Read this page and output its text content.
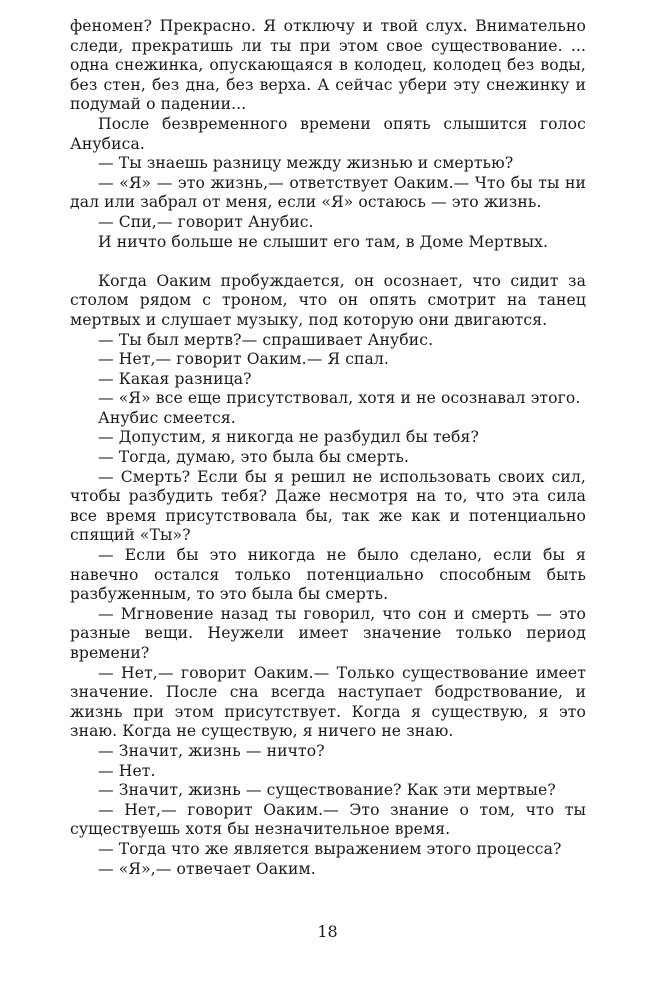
феномен? Прекрасно. Я отключу и твой слух. Внимательно следи, прекратишь ли ты при этом свое существование. ... одна снежинка, опускающаяся в колодец, колодец без воды, без стен, без дна, без верха. А сейчас убери эту снежинку и подумай о падении...

После безвременного времени опять слышится голос Анубиса.

— Ты знаешь разницу между жизнью и смертью?

— «Я» — это жизнь,— ответствует Оаким.— Что бы ты ни дал или забрал от меня, если «Я» остаюсь — это жизнь.

— Спи,— говорит Анубис.

И ничто больше не слышит его там, в Доме Мертвых.

Когда Оаким пробуждается, он осознает, что сидит за столом рядом с троном, что он опять смотрит на танец мертвых и слушает музыку, под которую они двигаются.

— Ты был мертв?— спрашивает Анубис.

— Нет,— говорит Оаким.— Я спал.

— Какая разница?

— «Я» все еще присутствовал, хотя и не осознавал этого.

Анубис смеется.

— Допустим, я никогда не разбудил бы тебя?

— Тогда, думаю, это была бы смерть.

— Смерть? Если бы я решил не использовать своих сил, чтобы разбудить тебя? Даже несмотря на то, что эта сила все время присутствовала бы, так же как и потенциально спящий «Ты»?

— Если бы это никогда не было сделано, если бы я навечно остался только потенциально способным быть разбуженным, то это была бы смерть.

— Мгновение назад ты говорил, что сон и смерть — это разные вещи. Неужели имеет значение только период времени?

— Нет,— говорит Оаким.— Только существование имеет значение. После сна всегда наступает бодрствование, и жизнь при этом присутствует. Когда я существую, я это знаю. Когда не существую, я ничего не знаю.

— Значит, жизнь — ничто?

— Нет.

— Значит, жизнь — существование? Как эти мертвые?

— Нет,— говорит Оаким.— Это знание о том, что ты существуешь хотя бы незначительное время.

— Тогда что же является выражением этого процесса?

— «Я»,— отвечает Оаким.

18
